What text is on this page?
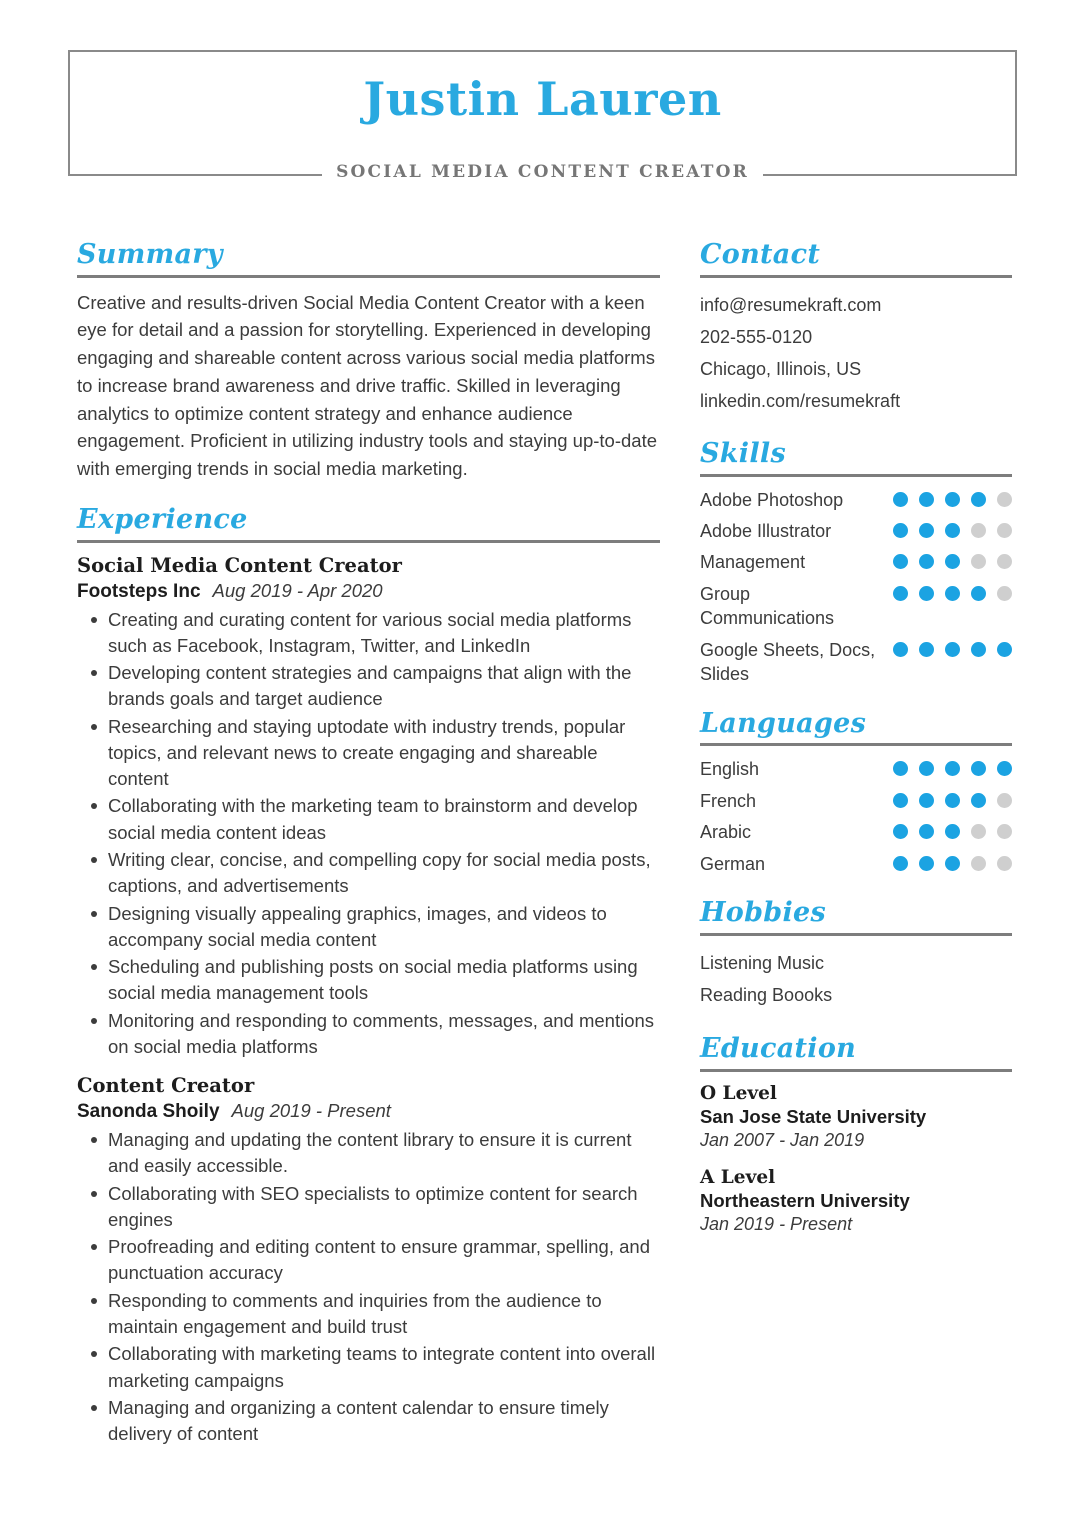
Justin Lauren
SOCIAL MEDIA CONTENT CREATOR
Summary
Creative and results-driven Social Media Content Creator with a keen eye for detail and a passion for storytelling. Experienced in developing engaging and shareable content across various social media platforms to increase brand awareness and drive traffic. Skilled in leveraging analytics to optimize content strategy and enhance audience engagement. Proficient in utilizing industry tools and staying up-to-date with emerging trends in social media marketing.
Experience
Social Media Content Creator
Footsteps Inc Aug 2019 - Apr 2020
Creating and curating content for various social media platforms such as Facebook, Instagram, Twitter, and LinkedIn
Developing content strategies and campaigns that align with the brands goals and target audience
Researching and staying uptodate with industry trends, popular topics, and relevant news to create engaging and shareable content
Collaborating with the marketing team to brainstorm and develop social media content ideas
Writing clear, concise, and compelling copy for social media posts, captions, and advertisements
Designing visually appealing graphics, images, and videos to accompany social media content
Scheduling and publishing posts on social media platforms using social media management tools
Monitoring and responding to comments, messages, and mentions on social media platforms
Content Creator
Sanonda Shoily Aug 2019 - Present
Managing and updating the content library to ensure it is current and easily accessible.
Collaborating with SEO specialists to optimize content for search engines
Proofreading and editing content to ensure grammar, spelling, and punctuation accuracy
Responding to comments and inquiries from the audience to maintain engagement and build trust
Collaborating with marketing teams to integrate content into overall marketing campaigns
Managing and organizing a content calendar to ensure timely delivery of content
Contact
info@resumekraft.com
202-555-0120
Chicago, Illinois, US
linkedin.com/resumekraft
Skills
Adobe Photoshop
Adobe Illustrator
Management
Group Communications
Google Sheets, Docs, Slides
Languages
English
French
Arabic
German
Hobbies
Listening Music
Reading Boooks
Education
O Level
San Jose State University
Jan 2007 - Jan 2019
A Level
Northeastern University
Jan 2019 - Present
